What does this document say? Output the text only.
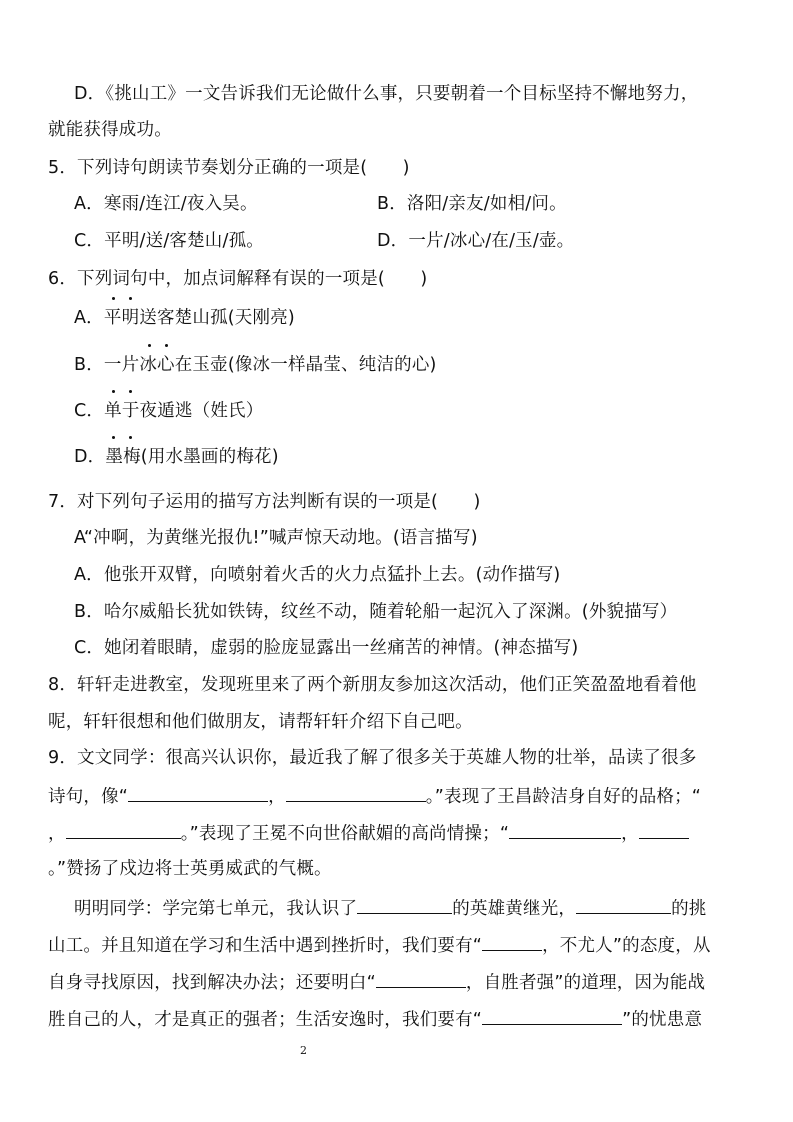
D．《挑山工》一文告诉我们无论做什么事，只要朝着一个目标坚持不懈地努力，
就能获得成功。
5．下列诗句朗读节奏划分正确的一项是(　　)
A．寒雨/连江/夜入吴。	B．洛阳/亲友/如相/问。
C．平明/送/客楚山/孤。	D．一片/冰心/在/玉/壶。
6．下列词句中，加点词解释有误的一项是(　　)
A．平明送客楚山孤(天刚亮)
B．一片冰心在玉壶(像冰一样晶莹、纯洁的心)
C．单于夜遁逃（姓氏）
D．墨梅(用水墨画的梅花)
7．对下列句子运用的描写方法判断有误的一项是(　　)
A“冲啊，为黄继光报仇!”喊声惊天动地。(语言描写)
A．他张开双臂，向喷射着火舌的火力点猛扑上去。(动作描写)
B．哈尔威船长犹如铁铸，纹丝不动，随着轮船一起沉入了深渊。(外貌描写）
C．她闭着眼睛，虚弱的脸庞显露出一丝痛苦的神情。(神态描写)
8．轩轩走进教室，发现班里来了两个新朋友参加这次活动，他们正笑盈盈地看着他
呢，轩轩很想和他们做朋友，请帮轩轩介绍下自己吧。
9．文文同学：很高兴认识你，最近我了解了很多关于英雄人物的壮举，品读了很多
诗句，像“	，	。”表现了王昌龄洁身自好的品格；“
，	。”表现了王冕不向世俗献媚的高尚情操；“	，
。”赞扬了戍边将士英勇威武的气概。
明明同学：学完第七单元，我认识了	的英雄黄继光，	的挑
山工。并且知道在学习和生活中遇到挫折时，我们要有“	，不尤人”的态度，从
自身寻找原因，找到解决办法；还要明白“	，自胜者强”的道理，因为能战
胜自己的人，才是真正的强者；生活安逸时，我们要有“	”的忧患意
2
